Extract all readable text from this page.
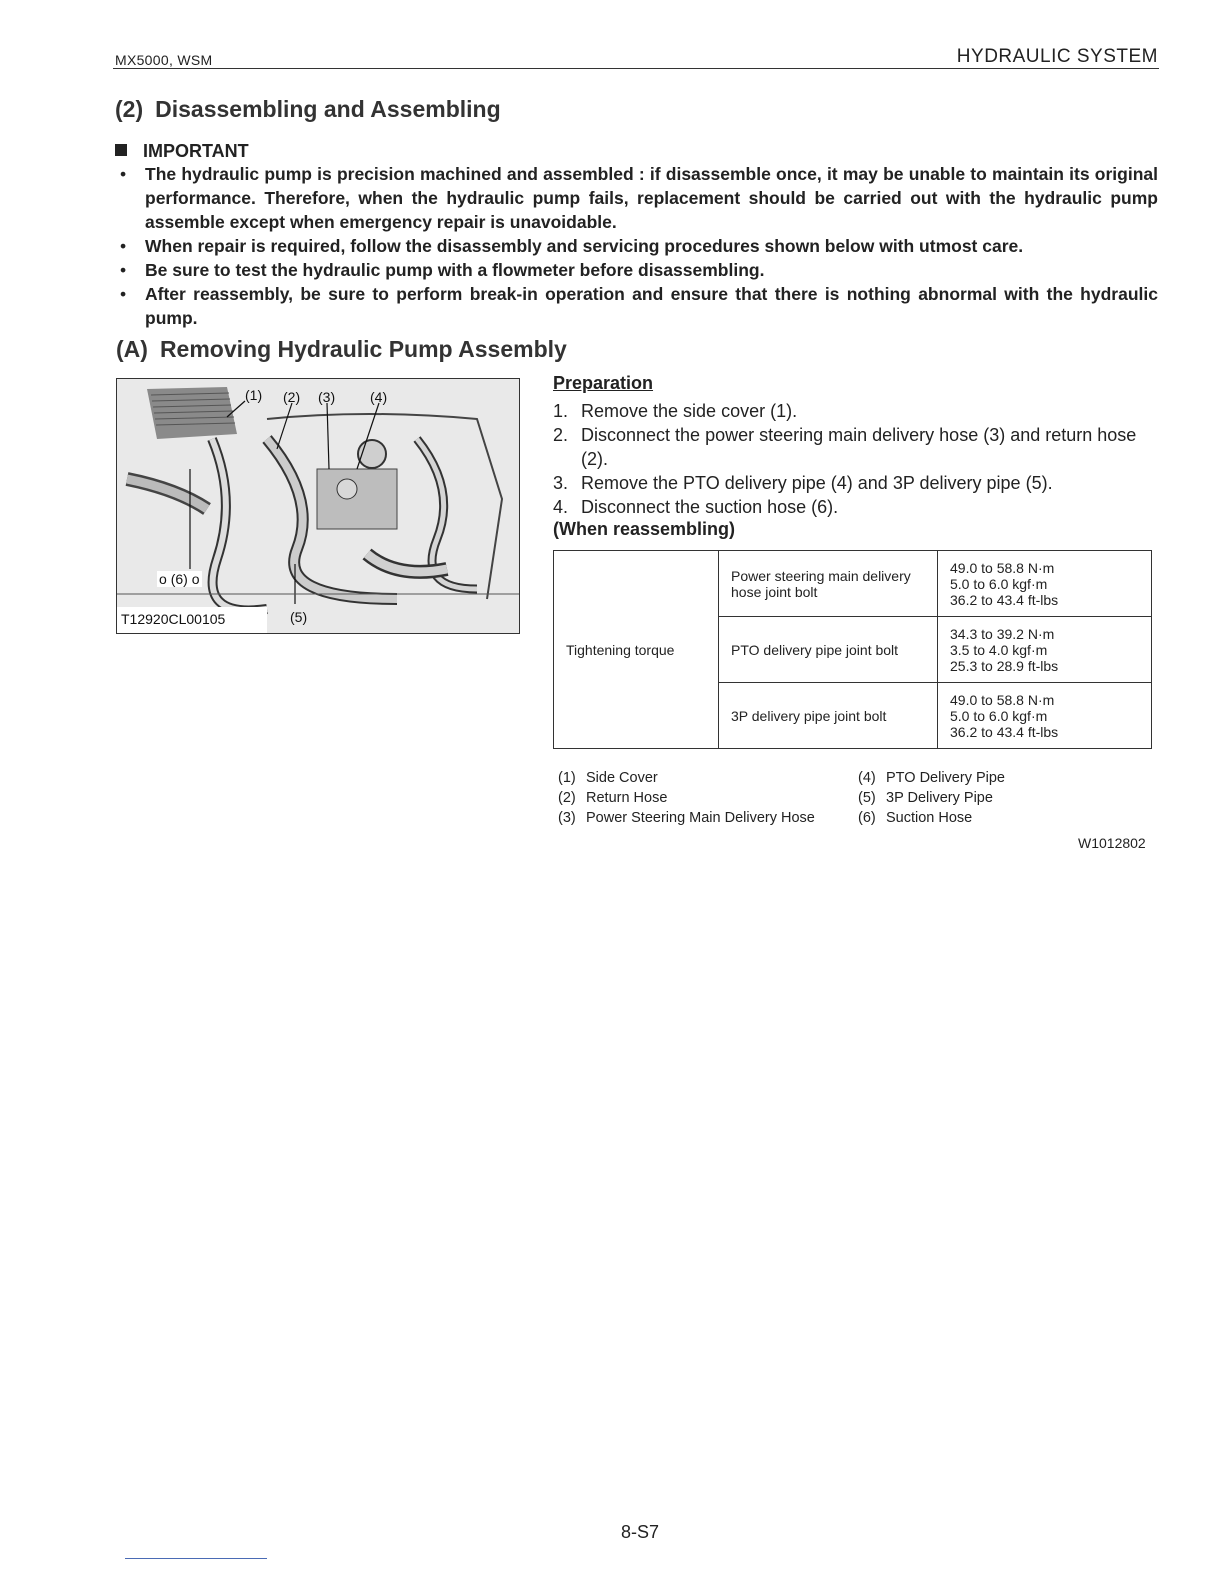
MX5000, WSM	HYDRAULIC SYSTEM
(2) Disassembling and Assembling
IMPORTANT
• The hydraulic pump is precision machined and assembled : if disassemble once, it may be unable to maintain its original performance. Therefore, when the hydraulic pump fails, replacement should be carried out with the hydraulic pump assemble except when emergency repair is unavoidable.
• When repair is required, follow the disassembly and servicing procedures shown below with utmost care.
• Be sure to test the hydraulic pump with a flowmeter before disassembling.
• After reassembly, be sure to perform break-in operation and ensure that there is nothing abnormal with the hydraulic pump.
(A) Removing Hydraulic Pump Assembly
(1) (2) (3) (4)
(5)
o (6) o
T12920CL00105
Preparation
1. Remove the side cover (1).
2. Disconnect the power steering main delivery hose (3) and return hose (2).
3. Remove the PTO delivery pipe (4) and 3P delivery pipe (5).
4. Disconnect the suction hose (6).
(When reassembling)
Tightening torque	Power steering main delivery hose joint bolt	49.0 to 58.8 N·m
5.0 to 6.0 kgf·m
36.2 to 43.4 ft-lbs

	PTO delivery pipe joint bolt	34.3 to 39.2 N·m
3.5 to 4.0 kgf·m
25.3 to 28.9 ft-lbs

	3P delivery pipe joint bolt	49.0 to 58.8 N·m
5.0 to 6.0 kgf·m
36.2 to 43.4 ft-lbs
(1) Side Cover
(2) Return Hose
(3) Power Steering Main Delivery Hose
(4) PTO Delivery Pipe
(5) 3P Delivery Pipe
(6) Suction Hose
W1012802
8-S7
